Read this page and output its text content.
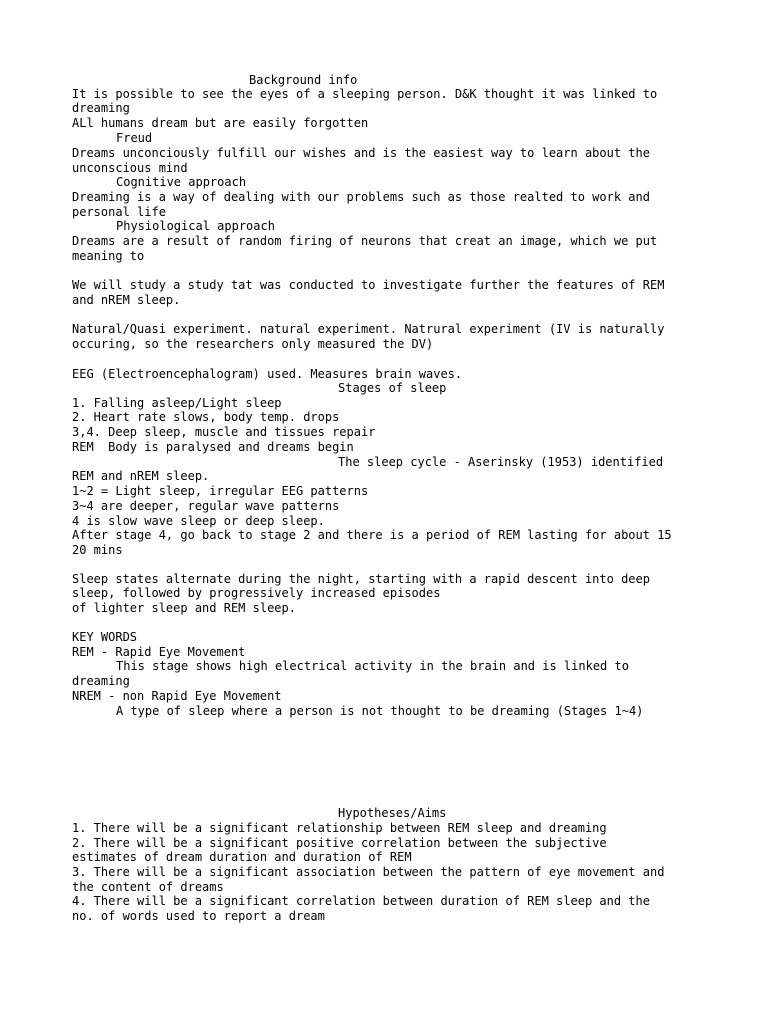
Background info
It is possible to see the eyes of a sleeping person. D&K thought it was linked to
dreaming
ALl humans dream but are easily forgotten
Freud
Dreams unconciously fulfill our wishes and is the easiest way to learn about the
unconscious mind
Cognitive approach
Dreaming is a way of dealing with our problems such as those realted to work and
personal life
Physiological approach
Dreams are a result of random firing of neurons that creat an image, which we put
meaning to
We will study a study tat was conducted to investigate further the features of REM
and nREM sleep.
Natural/Quasi experiment. natural experiment. Natrural experiment (IV is naturally
occuring, so the researchers only measured the DV)
EEG (Electroencephalogram) used. Measures brain waves.
Stages of sleep
1. Falling asleep/Light sleep
2. Heart rate slows, body temp. drops
3,4. Deep sleep, muscle and tissues repair
REM  Body is paralysed and dreams begin
The sleep cycle - Aserinsky (1953) identified
REM and nREM sleep.
1~2 = Light sleep, irregular EEG patterns
3~4 are deeper, regular wave patterns
4 is slow wave sleep or deep sleep.
After stage 4, go back to stage 2 and there is a period of REM lasting for about 15
20 mins
Sleep states alternate during the night, starting with a rapid descent into deep
sleep, followed by progressively increased episodes
of lighter sleep and REM sleep.
KEY WORDS
REM - Rapid Eye Movement
This stage shows high electrical activity in the brain and is linked to
dreaming
NREM - non Rapid Eye Movement
A type of sleep where a person is not thought to be dreaming (Stages 1~4)
Hypotheses/Aims
1. There will be a significant relationship between REM sleep and dreaming
2. There will be a significant positive correlation between the subjective
estimates of dream duration and duration of REM
3. There will be a significant association between the pattern of eye movement and
the content of dreams
4. There will be a significant correlation between duration of REM sleep and the
no. of words used to report a dream
